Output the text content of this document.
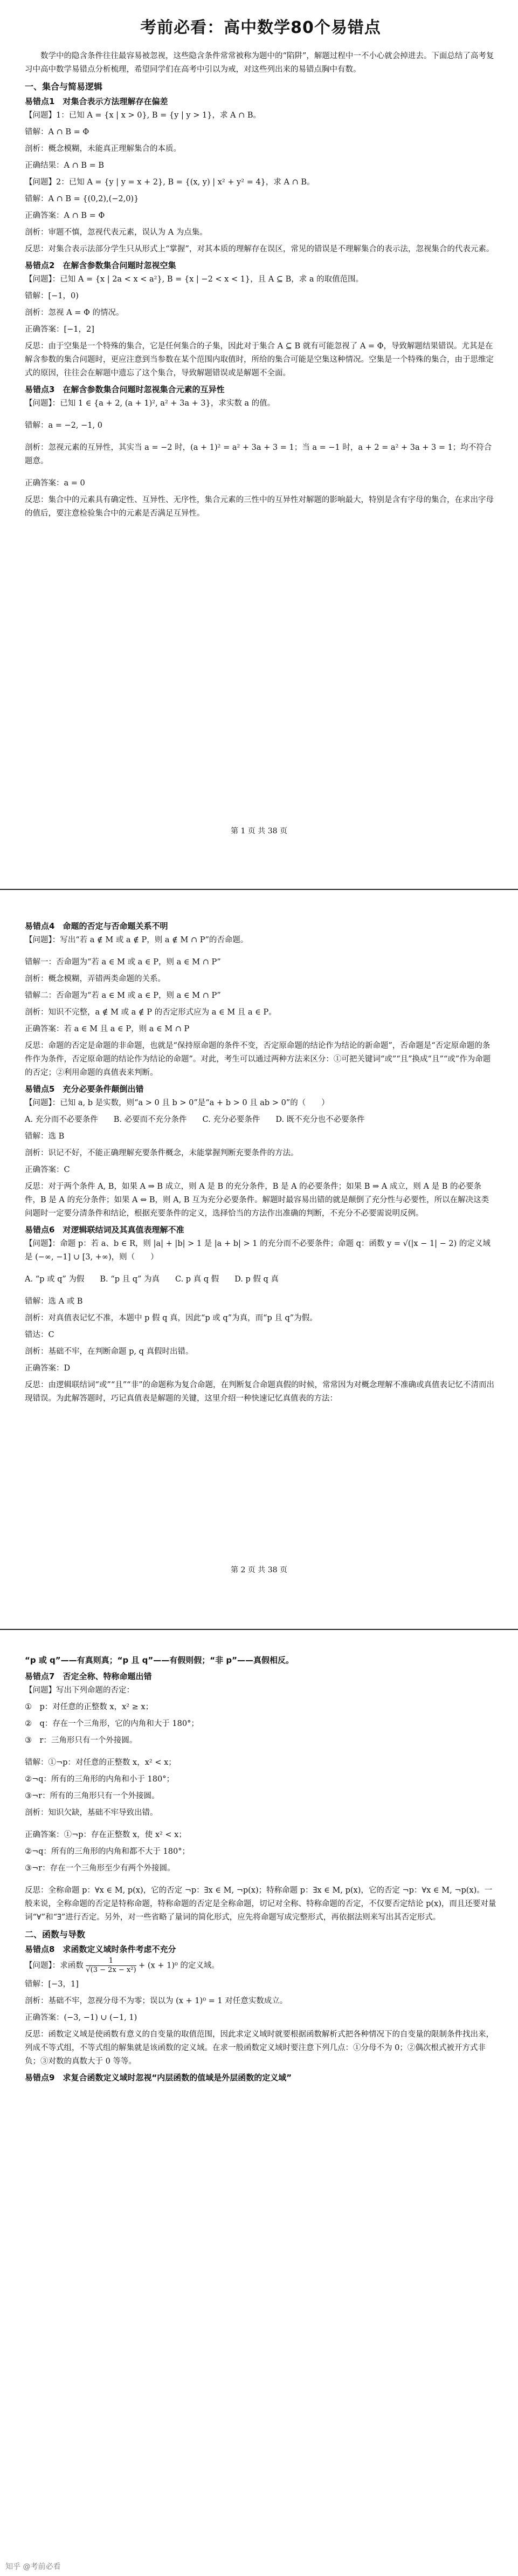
考前必看：高中数学80个易错点

数学中的隐含条件往往最容易被忽视，这些隐含条件常常被称为题中的“陷阱”，解题过程中一不小心就会掉进去。下面总结了高考复习中高中数学易错点分析梳理，希望同学们在高考中引以为戒，对这些列出来的易错点胸中有数。

一、集合与简易逻辑
易错点1　对集合表示方法理解存在偏差

【问题】1：已知 A = {x | x > 0}, B = {y | y > 1}，求 A ∩ B。

错解：A ∩ B = Φ

剖析：概念模糊，未能真正理解集合的本质。

正确结果：A ∩ B = B

【问题】2：已知 A = {y | y = x + 2}, B = {(x, y) | x² + y² = 4}，求 A ∩ B。

错解：A ∩ B = {(0,2),(−2,0)}

正确答案：A ∩ B = Φ

剖析：审题不慎，忽视代表元素，误认为 A 为点集。

反思：对集合表示法部分学生只从形式上“掌握”，对其本质的理解存在误区，常见的错误是不理解集合的表示法，忽视集合的代表元素。

易错点2　在解含参数集合问题时忽视空集

【问题】：已知 A = {x | 2a < x < a²}, B = {x | −2 < x < 1}，且 A ⊆ B，求 a 的取值范围。

错解：[−1，0)

剖析：忽视 A = Φ 的情况。

正确答案：[−1，2]

反思：由于空集是一个特殊的集合，它是任何集合的子集，因此对于集合 A ⊆ B 就有可能忽视了 A = Φ，导致解题结果错误。尤其是在解含参数的集合问题时，更应注意到当参数在某个范围内取值时，所给的集合可能是空集这种情况。空集是一个特殊的集合，由于思维定式的原因，往往会在解题中遗忘了这个集合，导致解题错误或是解题不全面。

易错点3　在解含参数集合问题时忽视集合元素的互异性

【问题】：已知 1 ∈ {a + 2, (a + 1)², a² + 3a + 3}，求实数 a 的值。

错解：a = −2, −1, 0

剖析：忽视元素的互异性，其实当 a = −2 时，(a + 1)² = a² + 3a + 3 = 1；当 a = −1 时，a + 2 = a² + 3a + 3 = 1；均不符合题意。

正确答案：a = 0

反思：集合中的元素具有确定性、互异性、无序性，集合元素的三性中的互异性对解题的影响最大，特别是含有字母的集合，在求出字母的值后，要注意检验集合中的元素是否满足互异性。

第 1 页 共 38 页
易错点4　命题的否定与否命题关系不明

【问题】：写出“若 a ∉ M 或 a ∉ P，则 a ∉ M ∩ P”的否命题。

错解一：否命题为“若 a ∈ M 或 a ∈ P，则 a ∈ M ∩ P”

剖析：概念模糊，弄错两类命题的关系。

错解二：否命题为“若 a ∈ M 或 a ∈ P，则 a ∈ M ∩ P”

剖析：知识不完整，a ∉ M 或 a ∉ P 的否定形式应为 a ∈ M 且 a ∈ P。

正确答案：若 a ∈ M 且 a ∈ P，则 a ∈ M ∩ P

反思：命题的否定是命题的非命题，也就是“保持原命题的条件不变，否定原命题的结论作为结论的新命题”，否命题是“否定原命题的条件作为条件，否定原命题的结论作为结论的命题”。对此，考生可以通过两种方法来区分：①可把关键词“或”“且”换成“且”“或”作为命题的否定；②利用命题的真值表来判断。

易错点5　充分必要条件颠倒出错

【问题】：已知 a, b 是实数，则“a > 0 且 b > 0”是“a + b > 0 且 ab > 0”的（　　）

A. 充分而不必要条件　　B. 必要而不充分条件　　C. 充分必要条件　　D. 既不充分也不必要条件

错解：选 B

剖析：识记不好，不能正确理解充要条件概念，未能掌握判断充要条件的方法。

正确答案：C

反思：对于两个条件 A, B，如果 A ⇒ B 成立，则 A 是 B 的充分条件，B 是 A 的必要条件；如果 B ⇒ A 成立，则 A 是 B 的必要条件，B 是 A 的充分条件；如果 A ⇔ B，则 A, B 互为充分必要条件。解题时最容易出错的就是颠倒了充分性与必要性，所以在解决这类问题时一定要分清条件和结论，根据充要条件的定义，选择恰当的方法作出准确的判断，不充分不必要需说明反例。

易错点6　对逻辑联结词及其真值表理解不准

【问题】：命题 p：若 a、b ∈ R，则 |a| + |b| > 1 是 |a + b| > 1 的充分而不必要条件；命题 q：函数 y = √(|x − 1| − 2) 的定义域是 (−∞, −1] ∪ [3, +∞)，则（　　）

A. “p 或 q” 为假　　B. “p 且 q” 为真　　C. p 真 q 假　　D. p 假 q 真

错解：选 A 或 B

剖析：对真值表记忆不准，本题中 p 假 q 真，因此“p 或 q”为真，而“p 且 q”为假。

错达：C

剖析：基础不牢，在判断命题 p, q 真假时出错。

正确答案：D

反思：由逻辑联结词“或”“且”“非”的命题称为复合命题，在判断复合命题真假的时候，常常因为对概念理解不准确或真值表记忆不清而出现错误。为此解答题时，巧记真值表是解题的关键，这里介绍一种快速记忆真值表的方法：

第 2 页 共 38 页

“p 或 q”——有真则真；“p 且 q”——有假则假；“非 p”——真假相反。

易错点7　否定全称、特称命题出错

【问题】写出下列命题的否定：

①　p：对任意的正整数 x，x² ≥ x；

②　q：存在一个三角形，它的内角和大于 180°；

③　r：三角形只有一个外接圆。

错解：①¬p：对任意的正整数 x，x² < x；

②¬q：所有的三角形的内角和小于 180°；

③¬r：所有的三角形只有一个外接圆。

剖析：知识欠缺，基础不牢导致出错。

正确答案：①¬p：存在正整数 x，使 x² < x；

②¬q：所有的三角形的内角和都不大于 180°；

③¬r：存在一个三角形至少有两个外接圆。

反思：全称命题 p：∀x ∈ M, p(x)，它的否定 ¬p：∃x ∈ M, ¬p(x)；特称命题 p：∃x ∈ M, p(x)，它的否定 ¬p：∀x ∈ M, ¬p(x)。一般来说，全称命题的否定是特称命题，特称命题的否定是全称命题，切记对全称、特称命题的否定，不仅要否定结论 p(x)，而且还要对量词“∀”和“∃”进行否定。另外，对一些省略了量词的简化形式，应先将命题写成完整形式，再依据法则来写出其否定形式。

二、函数与导数
易错点8　求函数定义域时条件考虑不充分

【问题】：求函数 $\frac{1}{\text{√(3 − 2x − x²)}} + (x + 1)^0$ 的定义域。

错解：[−3，1]

剖析：基础不牢，忽视分母不为零；误以为 (x + 1)⁰ = 1 对任意实数成立。

正确答案：(−3, −1) ∪ (−1, 1)

反思：函数定义域是使函数有意义的自变量的取值范围，因此求定义域时就要根据函数解析式把各种情况下的自变量的限制条件找出来，列成不等式组，不等式组的解集就是该函数的定义域。在求一般函数定义域时要注意下列几点：①分母不为 0；②偶次根式被开方式非负；③对数的真数大于 0 等等。

易错点9　求复合函数定义域时忽视“内层函数的值域是外层函数的定义域”
知乎 @考前必看
